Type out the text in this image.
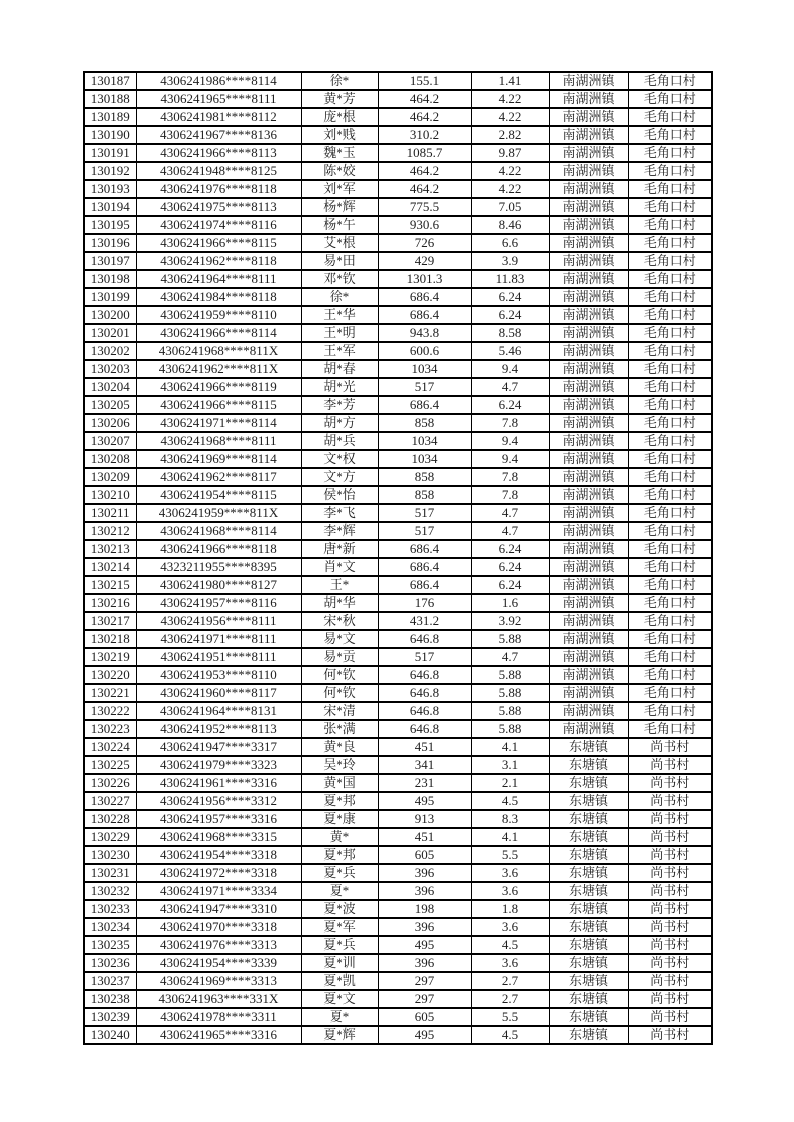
130187	4306241986****8114	徐*	155.1	1.41	南湖洲镇	毛角口村
130188	4306241965****8111	黄*芳	464.2	4.22	南湖洲镇	毛角口村
130189	4306241981****8112	庞*根	464.2	4.22	南湖洲镇	毛角口村
130190	4306241967****8136	刘*贱	310.2	2.82	南湖洲镇	毛角口村
130191	4306241966****8113	魏*玉	1085.7	9.87	南湖洲镇	毛角口村
130192	4306241948****8125	陈*姣	464.2	4.22	南湖洲镇	毛角口村
130193	4306241976****8118	刘*军	464.2	4.22	南湖洲镇	毛角口村
130194	4306241975****8113	杨*辉	775.5	7.05	南湖洲镇	毛角口村
130195	4306241974****8116	杨*午	930.6	8.46	南湖洲镇	毛角口村
130196	4306241966****8115	艾*根	726	6.6	南湖洲镇	毛角口村
130197	4306241962****8118	易*田	429	3.9	南湖洲镇	毛角口村
130198	4306241964****8111	邓*钦	1301.3	11.83	南湖洲镇	毛角口村
130199	4306241984****8118	徐*	686.4	6.24	南湖洲镇	毛角口村
130200	4306241959****8110	王*华	686.4	6.24	南湖洲镇	毛角口村
130201	4306241966****8114	王*明	943.8	8.58	南湖洲镇	毛角口村
130202	4306241968****811X	王*军	600.6	5.46	南湖洲镇	毛角口村
130203	4306241962****811X	胡*春	1034	9.4	南湖洲镇	毛角口村
130204	4306241966****8119	胡*光	517	4.7	南湖洲镇	毛角口村
130205	4306241966****8115	李*芳	686.4	6.24	南湖洲镇	毛角口村
130206	4306241971****8114	胡*方	858	7.8	南湖洲镇	毛角口村
130207	4306241968****8111	胡*兵	1034	9.4	南湖洲镇	毛角口村
130208	4306241969****8114	文*权	1034	9.4	南湖洲镇	毛角口村
130209	4306241962****8117	文*方	858	7.8	南湖洲镇	毛角口村
130210	4306241954****8115	侯*怡	858	7.8	南湖洲镇	毛角口村
130211	4306241959****811X	李*飞	517	4.7	南湖洲镇	毛角口村
130212	4306241968****8114	李*辉	517	4.7	南湖洲镇	毛角口村
130213	4306241966****8118	唐*新	686.4	6.24	南湖洲镇	毛角口村
130214	4323211955****8395	肖*文	686.4	6.24	南湖洲镇	毛角口村
130215	4306241980****8127	王*	686.4	6.24	南湖洲镇	毛角口村
130216	4306241957****8116	胡*华	176	1.6	南湖洲镇	毛角口村
130217	4306241956****8111	宋*秋	431.2	3.92	南湖洲镇	毛角口村
130218	4306241971****8111	易*文	646.8	5.88	南湖洲镇	毛角口村
130219	4306241951****8111	易*贡	517	4.7	南湖洲镇	毛角口村
130220	4306241953****8110	何*钦	646.8	5.88	南湖洲镇	毛角口村
130221	4306241960****8117	何*钦	646.8	5.88	南湖洲镇	毛角口村
130222	4306241964****8131	宋*清	646.8	5.88	南湖洲镇	毛角口村
130223	4306241952****8113	张*满	646.8	5.88	南湖洲镇	毛角口村
130224	4306241947****3317	黄*良	451	4.1	东塘镇	尚书村
130225	4306241979****3323	吴*玲	341	3.1	东塘镇	尚书村
130226	4306241961****3316	黄*国	231	2.1	东塘镇	尚书村
130227	4306241956****3312	夏*邦	495	4.5	东塘镇	尚书村
130228	4306241957****3316	夏*康	913	8.3	东塘镇	尚书村
130229	4306241968****3315	黄*	451	4.1	东塘镇	尚书村
130230	4306241954****3318	夏*邦	605	5.5	东塘镇	尚书村
130231	4306241972****3318	夏*兵	396	3.6	东塘镇	尚书村
130232	4306241971****3334	夏*	396	3.6	东塘镇	尚书村
130233	4306241947****3310	夏*波	198	1.8	东塘镇	尚书村
130234	4306241970****3318	夏*军	396	3.6	东塘镇	尚书村
130235	4306241976****3313	夏*兵	495	4.5	东塘镇	尚书村
130236	4306241954****3339	夏*训	396	3.6	东塘镇	尚书村
130237	4306241969****3313	夏*凯	297	2.7	东塘镇	尚书村
130238	4306241963****331X	夏*文	297	2.7	东塘镇	尚书村
130239	4306241978****3311	夏*	605	5.5	东塘镇	尚书村
130240	4306241965****3316	夏*辉	495	4.5	东塘镇	尚书村
